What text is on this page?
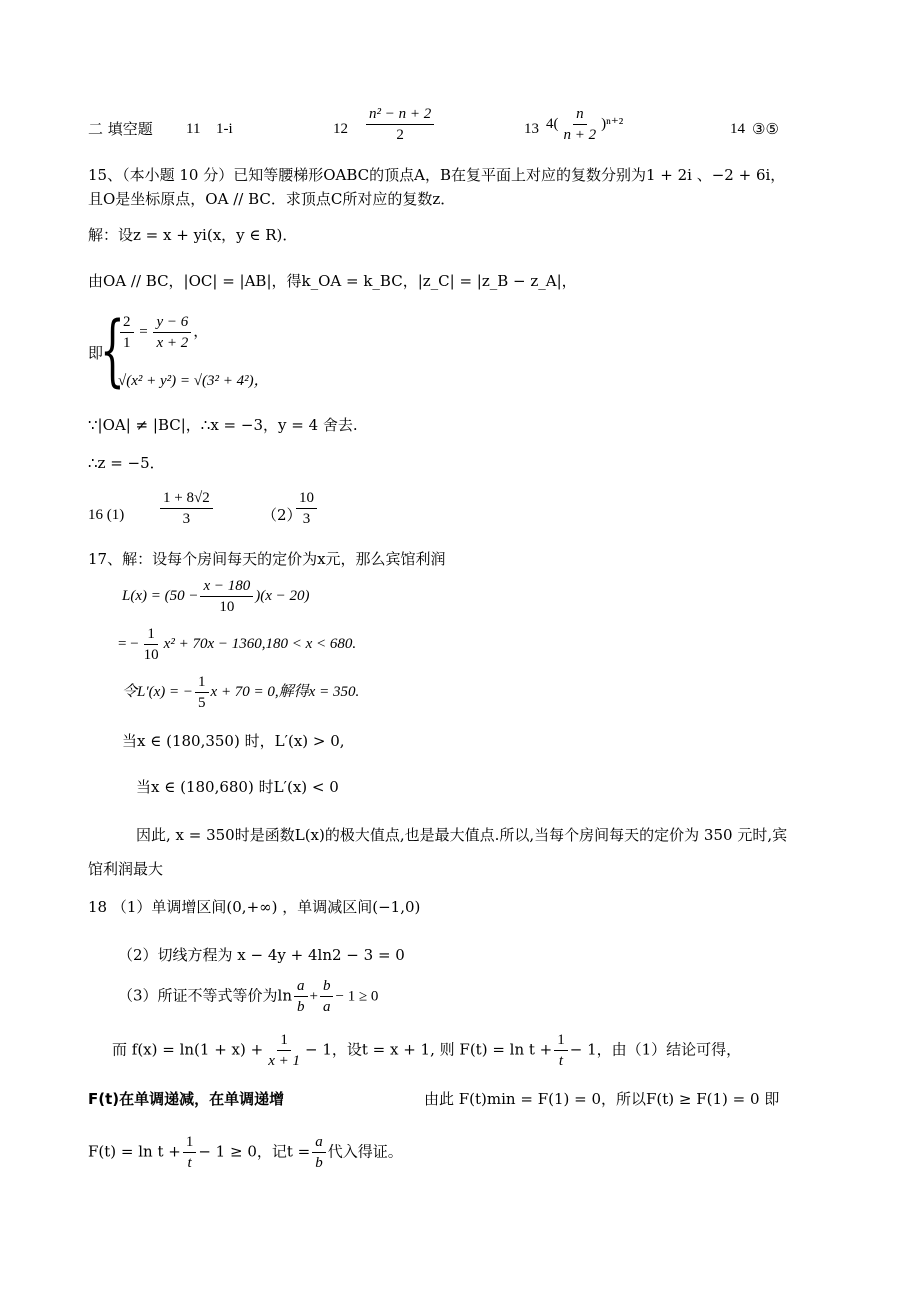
二 填空题 11 1-i	$12 \frac{\text{n² − n + 2}}{2}$	13 $4( \frac{n}{n + 2} )^{n+2}$	14 ③⑤
15、（本小题 10 分）已知等腰梯形OABC的顶点A，B在复平面上对应的复数分别为1 + 2i 、−2 + 6i，
且O是坐标原点，OA // BC．求顶点C所对应的复数z．
解：设z = x + yi(x，y ∈ R)．
由OA // BC，|OC| = |AB|，得k_OA = k_BC，|z_C| = |z_B − z_A|，
即
{
$\frac{2}{1} = \frac{y - 6}{x + 2}$ ，
√(x² + y²) = √(3² + 4²)，
∵|OA| ≠ |BC|，∴x = −3，y = 4 舍去.
∴z = −5．
16 $(1) \frac{1 + 8√2}{3}$	（2）
$\frac{10}{3}$
17、解：设每个房间每天的定价为x元，那么宾馆利润
$L(x) = (50 - \frac{x - 180}{10} )(x - 20)$
= − $\frac{1}{10} x^2 + 70x - 1360,180 < x < 680$.
令L′(x) = − $\frac{1}{5}$ x + 70 = 0,解得x = 350.
当x ∈ (180,350) 时，L′(x) > 0,
当x ∈ (180,680) 时L′(x) < 0
因此, x = 350时是函数L(x)的极大值点,也是最大值点.所以,当每个房间每天的定价为 350 元时,宾
馆利润最大
18 （1）单调增区间(0,+∞) ，单调减区间(−1,0)
（2）切线方程为 x − 4y + 4ln2 − 3 = 0
（3）所证不等式等价为$\ln \frac{a}{b} + \frac{b}{a} - 1 \ge 0$
而 $f(x) = \ln(1 + x) + \frac{1}{x + 1} - 1$，设t = x + 1, 则 $F(t) = \ln t + \frac{1}{t} - 1$，由（1）结论可得，
F(t)在单调递减，在单调递增	由此 F(t)min = F(1) = 0，所以F(t) ≥ F(1) = 0 即
$F(t) = \ln t + \frac{1}{t} - 1 \ge 0$，记$t = \frac{a}{b}$ 代入得证。
